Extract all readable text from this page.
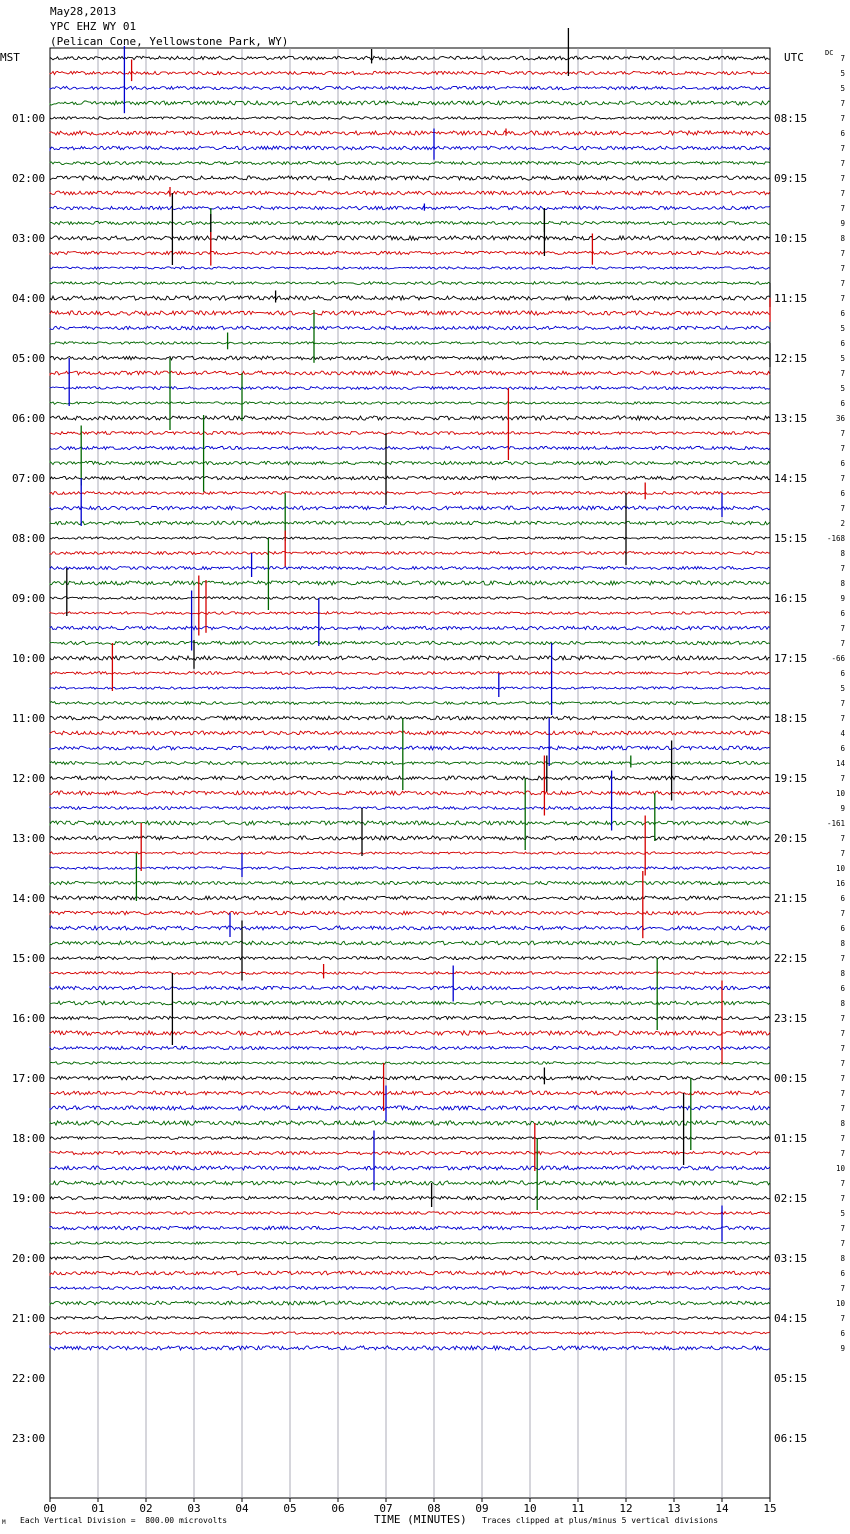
May28,2013
YPC EHZ WY 01
(Pelican Cone, Yellowstone Park, WY)
MST	UTC	DC
01:00	08:15
02:00	09:15
03:00	10:15
04:00	11:15
05:00	12:15
06:00	13:15
07:00	14:15
08:00	15:15
09:00	16:15
10:00	17:15
11:00	18:15
12:00	19:15
13:00	20:15
14:00	21:15
15:00	22:15
16:00	23:15
17:00	00:15
18:00	01:15
19:00	02:15
20:00	03:15
21:00	04:15
22:00	05:15
23:00	06:15
7
5
5
7
7
6
7
7
7
7
7
9
8
7
7
7
7
6
5
6
5
7
5
6
36
7
7
6
7
6
7
2
-168
8
7
8
9
6
7
7
-66
6
5
7
7
4
6
14
7
10
9
-161
7
7
10
16
6
7
6
8
7
8
6
8
7
7
7
7
7
7
7
8
7
7
10
7
7
5
7
7
8
6
7
10
7
6
9
00	01	02	03	04	05	06	07	08	09	10	11	12	13	14	15
Each Vertical Division =  800.00 microvolts	Traces clipped at plus/minus 5 vertical divisions
M	TIME (MINUTES)
